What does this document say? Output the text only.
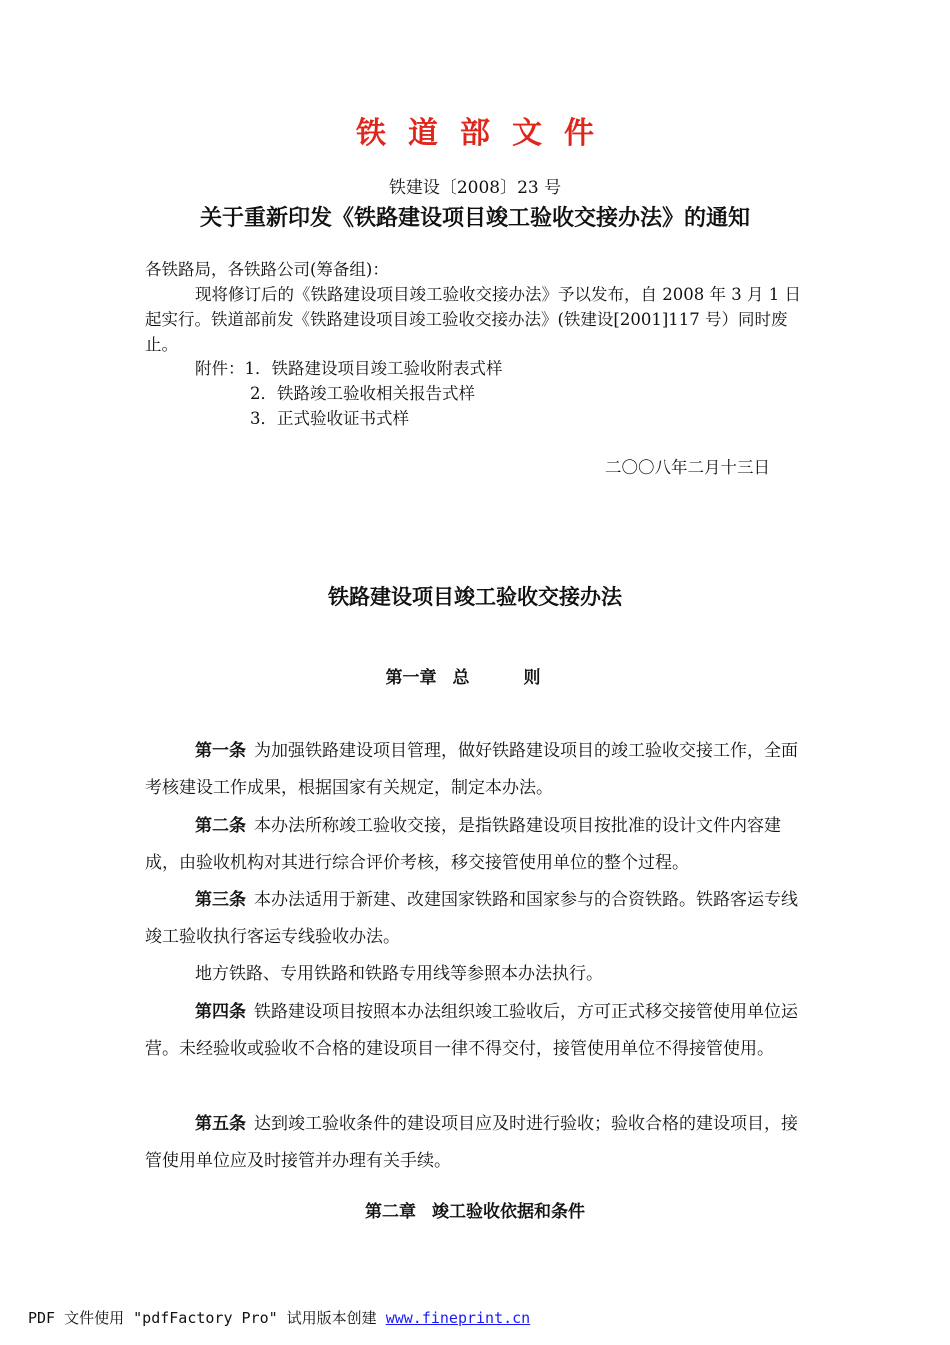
铁道部文件
铁建设〔2008〕23 号
关于重新印发《铁路建设项目竣工验收交接办法》的通知
各铁路局，各铁路公司(筹备组)：
现将修订后的《铁路建设项目竣工验收交接办法》予以发布，自 2008 年 3 月 1 日起实行。铁道部前发《铁路建设项目竣工验收交接办法》(铁建设[2001]117 号）同时废止。
附件：1．铁路建设项目竣工验收附表式样
2．铁路竣工验收相关报告式样
3．正式验收证书式样
二〇〇八年二月十三日
铁路建设项目竣工验收交接办法
第一章 总 则
第一条 为加强铁路建设项目管理，做好铁路建设项目的竣工验收交接工作，全面考核建设工作成果，根据国家有关规定，制定本办法。
第二条 本办法所称竣工验收交接，是指铁路建设项目按批准的设计文件内容建成，由验收机构对其进行综合评价考核，移交接管使用单位的整个过程。
第三条 本办法适用于新建、改建国家铁路和国家参与的合资铁路。铁路客运专线竣工验收执行客运专线验收办法。
地方铁路、专用铁路和铁路专用线等参照本办法执行。
第四条 铁路建设项目按照本办法组织竣工验收后，方可正式移交接管使用单位运营。未经验收或验收不合格的建设项目一律不得交付，接管使用单位不得接管使用。
第五条 达到竣工验收条件的建设项目应及时进行验收；验收合格的建设项目，接管使用单位应及时接管并办理有关手续。
第二章 竣工验收依据和条件
PDF 文件使用 "pdfFactory Pro" 试用版本创建 www.fineprint.cn
